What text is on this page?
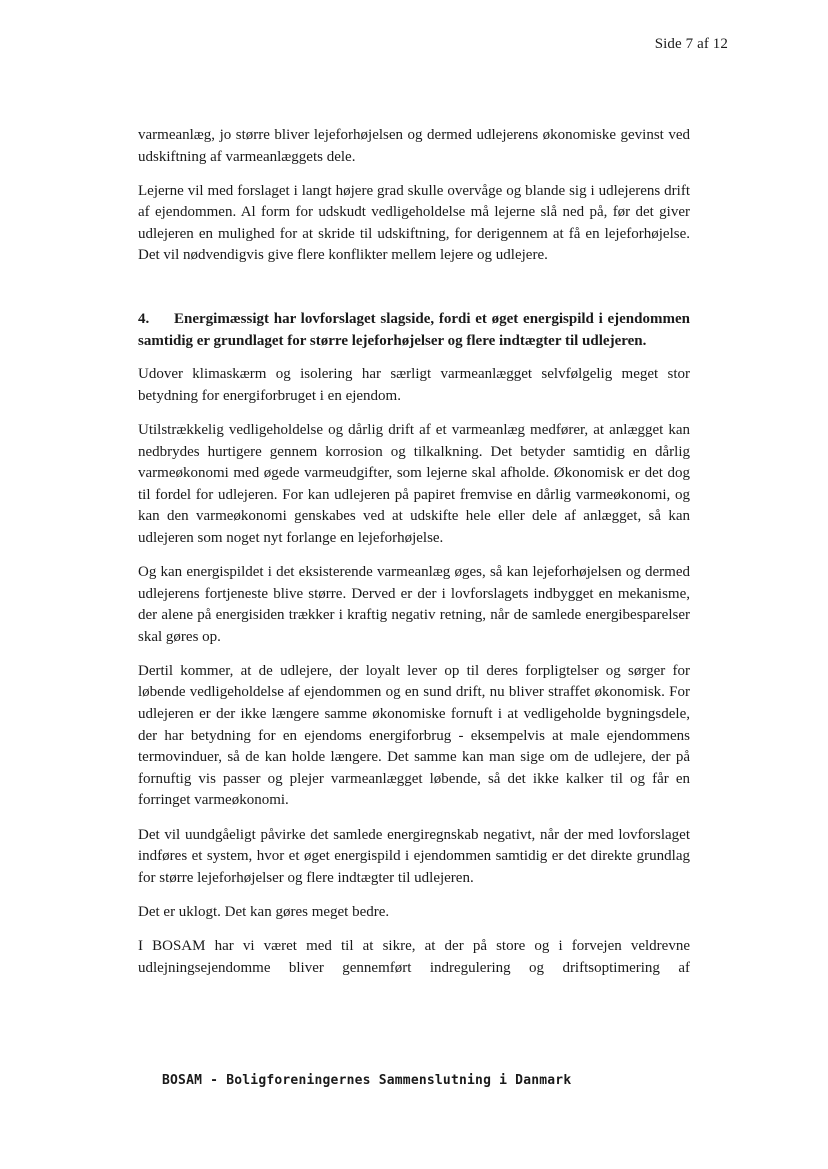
Side 7 af 12

varmeanlæg, jo større bliver lejeforhøjelsen og dermed udlejerens økonomiske gevinst ved udskiftning af varmeanlæggets dele.

Lejerne vil med forslaget i langt højere grad skulle overvåge og blande sig i udlejerens drift af ejendommen. Al form for udskudt vedligeholdelse må lejerne slå ned på, før det giver udlejeren en mulighed for at skride til udskiftning, for derigennem at få en lejeforhøjelse. Det vil nødvendigvis give flere konflikter mellem lejere og udlejere.

4. Energimæssigt har lovforslaget slagside, fordi et øget energispild i ejendommen samtidig er grundlaget for større lejeforhøjelser og flere indtægter til udlejeren.

Udover klimaskærm og isolering har særligt varmeanlægget selvfølgelig meget stor betydning for energiforbruget i en ejendom.

Utilstrækkelig vedligeholdelse og dårlig drift af et varmeanlæg medfører, at anlægget kan nedbrydes hurtigere gennem korrosion og tilkalkning. Det betyder samtidig en dårlig varmeøkonomi med øgede varmeudgifter, som lejerne skal afholde. Økonomisk er det dog til fordel for udlejeren. For kan udlejeren på papiret fremvise en dårlig varmeøkonomi, og kan den varmeøkonomi genskabes ved at udskifte hele eller dele af anlægget, så kan udlejeren som noget nyt forlange en lejeforhøjelse.

Og kan energispildet i det eksisterende varmeanlæg øges, så kan lejeforhøjelsen og dermed udlejerens fortjeneste blive større. Derved er der i lovforslagets indbygget en mekanisme, der alene på energisiden trækker i kraftig negativ retning, når de samlede energibesparelser skal gøres op.

Dertil kommer, at de udlejere, der loyalt lever op til deres forpligtelser og sørger for løbende vedligeholdelse af ejendommen og en sund drift, nu bliver straffet økonomisk. For udlejeren er der ikke længere samme økonomiske fornuft i at vedligeholde bygningsdele, der har betydning for en ejendoms energiforbrug - eksempelvis at male ejendommens termovinduer, så de kan holde længere. Det samme kan man sige om de udlejere, der på fornuftig vis passer og plejer varmeanlægget løbende, så det ikke kalker til og får en forringet varmeøkonomi.

Det vil uundgåeligt påvirke det samlede energiregnskab negativt, når der med lovforslaget indføres et system, hvor et øget energispild i ejendommen samtidig er det direkte grundlag for større lejeforhøjelser og flere indtægter til udlejeren.

Det er uklogt. Det kan gøres meget bedre.

I BOSAM har vi været med til at sikre, at der på store og i forvejen veldrevne udlejningsejendomme bliver gennemført indregulering og driftsoptimering af

BOSAM - Boligforeningernes Sammenslutning i Danmark
